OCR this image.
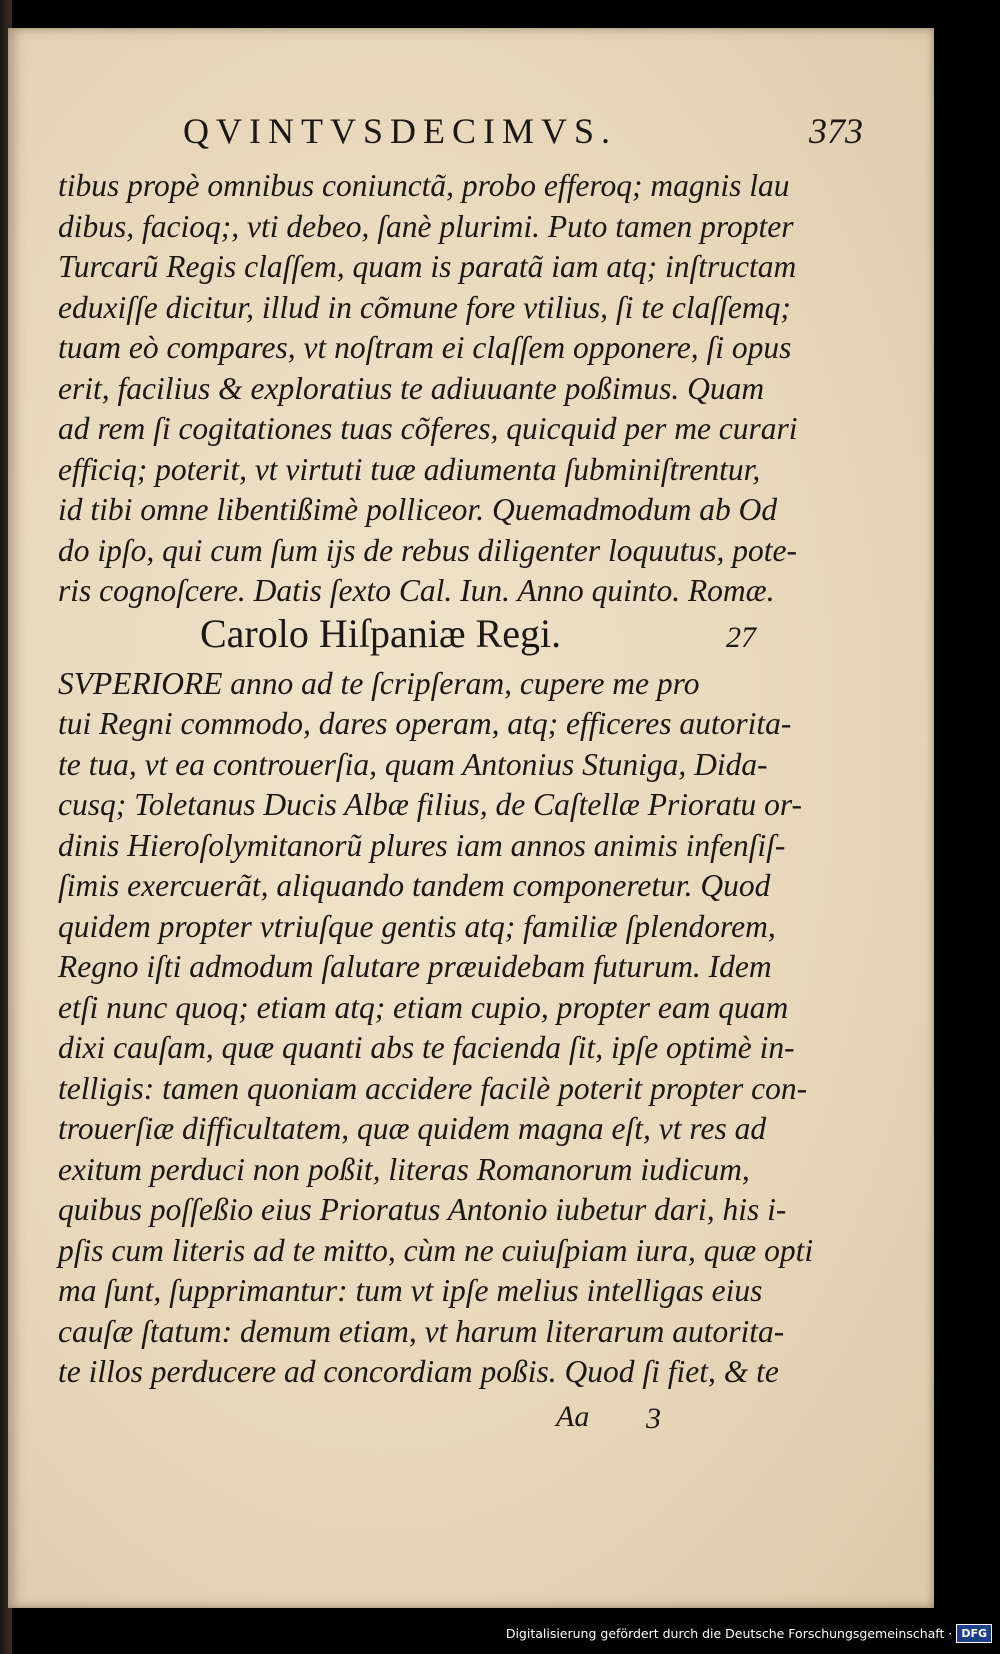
QVINTVSDECIMVS.	373
tibus propè omnibus coniunctã, probo efferoq; magnis lau
dibus, facioq;, vti debeo, ſanè plurimi. Puto tamen propter
Turcarũ Regis claſſem, quam is paratã iam atq; inſtructam
eduxiſſe dicitur, illud in cõmune fore vtilius, ſi te claſſemq;
tuam eò compares, vt noſtram ei claſſem opponere, ſi opus
erit, facilius & exploratius te adiuuante poßimus. Quam
ad rem ſi cogitationes tuas cõferes, quicquid per me curari
efficiq; poterit, vt virtuti tuæ adiumenta ſubminiſtrentur,
id tibi omne libentißimè polliceor. Quemadmodum ab Od
do ipſo, qui cum ſum ijs de rebus diligenter loquutus, pote-
ris cognoſcere. Datis ſexto Cal. Iun. Anno quinto. Romæ.
Carolo Hiſpaniæ Regi.	27
SVPERIORE anno ad te ſcripſeram, cupere me pro
tui Regni commodo, dares operam, atq; efficeres autorita-
te tua, vt ea controuerſia, quam Antonius Stuniga, Dida-
cusq; Toletanus Ducis Albæ filius, de Caſtellæ Prioratu or-
dinis Hieroſolymitanorũ plures iam annos animis infenſiſ-
ſimis exercuerãt, aliquando tandem componeretur. Quod
quidem propter vtriuſque gentis atq; familiæ ſplendorem,
Regno iſti admodum ſalutare præuidebam futurum. Idem
etſi nunc quoq; etiam atq; etiam cupio, propter eam quam
dixi cauſam, quæ quanti abs te facienda ſit, ipſe optimè in-
telligis: tamen quoniam accidere facilè poterit propter con-
trouerſiæ difficultatem, quæ quidem magna eſt, vt res ad
exitum perduci non poßit, literas Romanorum iudicum,
quibus poſſeßio eius Prioratus Antonio iubetur dari, his i-
pſis cum literis ad te mitto, cùm ne cuiuſpiam iura, quæ opti
ma ſunt, ſupprimantur: tum vt ipſe melius intelligas eius
cauſæ ſtatum: demum etiam, vt harum literarum autorita-
te illos perducere ad concordiam poßis. Quod ſi fiet, & te
Aa 3
Digitalisierung gefördert durch die Deutsche Forschungsgemeinschaft · DFG
